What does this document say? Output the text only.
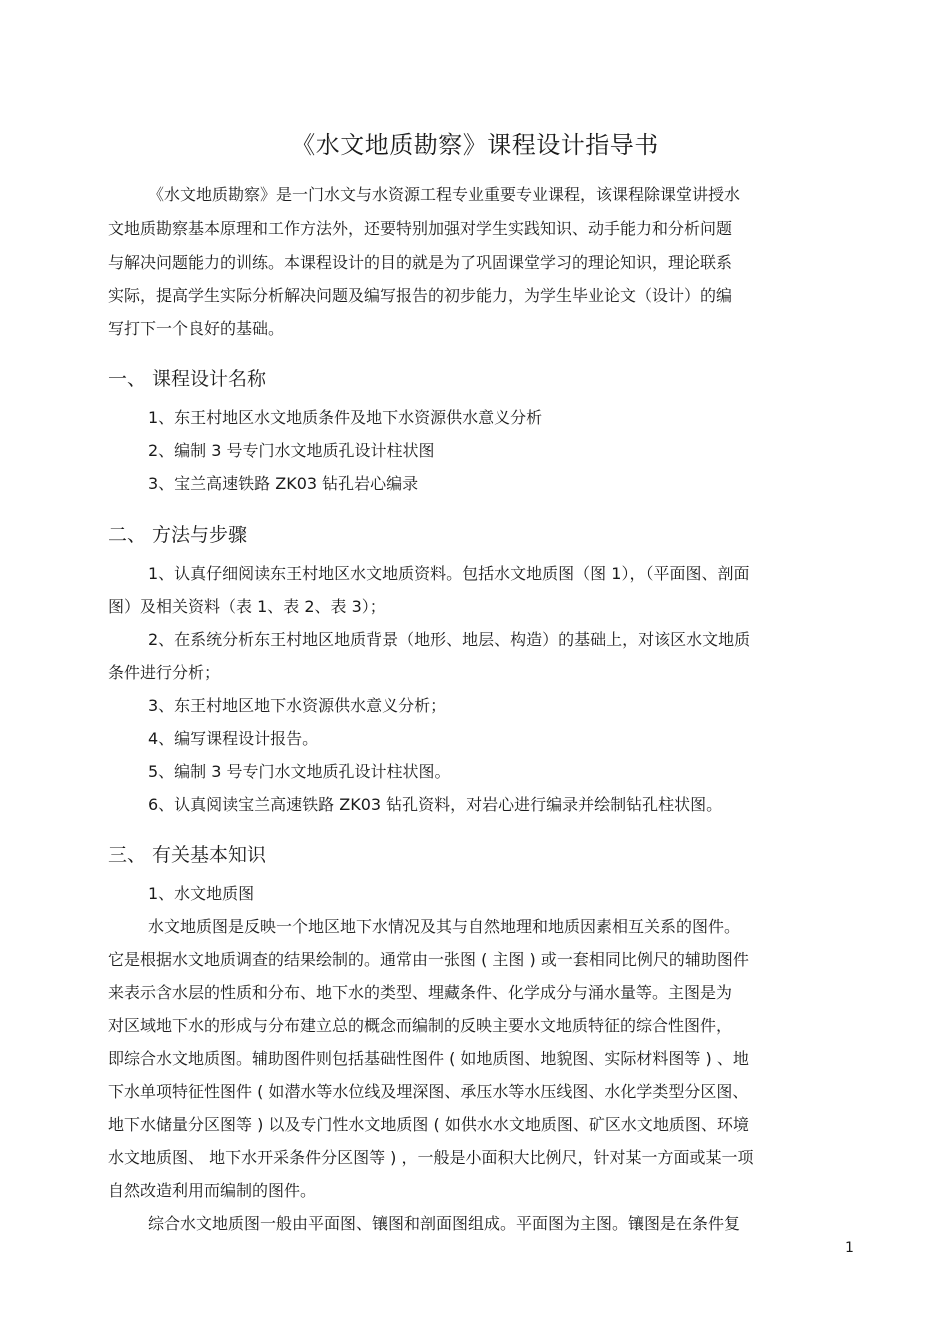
《水文地质勘察》课程设计指导书
《水文地质勘察》是一门水文与水资源工程专业重要专业课程，该课程除课堂讲授水
文地质勘察基本原理和工作方法外，还要特别加强对学生实践知识、动手能力和分析问题
与解决问题能力的训练。本课程设计的目的就是为了巩固课堂学习的理论知识，理论联系
实际，提高学生实际分析解决问题及编写报告的初步能力，为学生毕业论文（设计）的编
写打下一个良好的基础。
一、 课程设计名称
1、东王村地区水文地质条件及地下水资源供水意义分析
2、编制 3 号专门水文地质孔设计柱状图
3、宝兰高速铁路 ZK03 钻孔岩心编录
二、 方法与步骤
1、认真仔细阅读东王村地区水文地质资料。包括水文地质图（图 1），（平面图、剖面
图）及相关资料（表 1、表 2、表 3）；
2、在系统分析东王村地区地质背景（地形、地层、构造）的基础上，对该区水文地质
条件进行分析；
3、东王村地区地下水资源供水意义分析；
4、编写课程设计报告。
5、编制 3 号专门水文地质孔设计柱状图。
6、认真阅读宝兰高速铁路 ZK03 钻孔资料，对岩心进行编录并绘制钻孔柱状图。
三、 有关基本知识
1、水文地质图
水文地质图是反映一个地区地下水情况及其与自然地理和地质因素相互关系的图件。
它是根据水文地质调查的结果绘制的。通常由一张图 ( 主图 ) 或一套相同比例尺的辅助图件
来表示含水层的性质和分布、地下水的类型、埋藏条件、化学成分与涌水量等。主图是为
对区域地下水的形成与分布建立总的概念而编制的反映主要水文地质特征的综合性图件，
即综合水文地质图。辅助图件则包括基础性图件 ( 如地质图、地貌图、实际材料图等 ) 、地
下水单项特征性图件 ( 如潜水等水位线及埋深图、承压水等水压线图、水化学类型分区图、
地下水储量分区图等 ) 以及专门性水文地质图 ( 如供水水文地质图、矿区水文地质图、环境
水文地质图、 地下水开采条件分区图等 ) ，一般是小面积大比例尺，针对某一方面或某一项
自然改造利用而编制的图件。
综合水文地质图一般由平面图、镶图和剖面图组成。平面图为主图。镶图是在条件复
1
